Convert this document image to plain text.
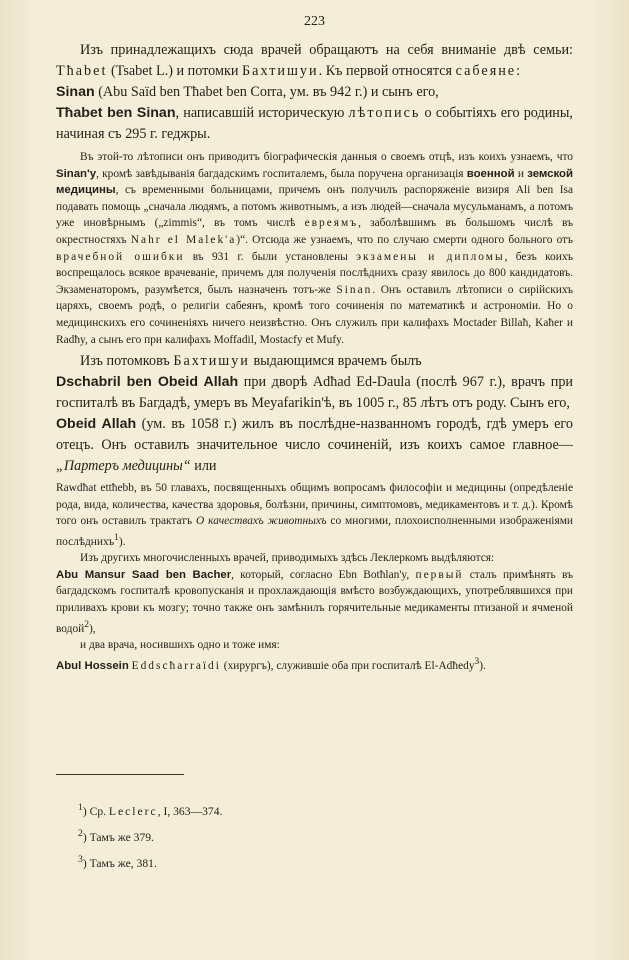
223

Изъ принадлежащихъ сюда врачей обращаютъ на себя вниманіе двѣ семьи: Tħabet (Tsabet L.) и потомки Бахтишуи. Къ первой относятся сабеяне:

Sinan (Abu Saïd ben Tħabet ben Corra, ум. въ 942 г.) и сынъ его,
Tħabet ben Sinan, написавшій историческую лѣтопись о событіяхъ его родины, начиная съ 295 г. геджры.

Въ этой-то лѣтописи онъ приводитъ біографическія данныя о своемъ отцѣ, изъ коихъ узнаемъ, что Sinan'y, кромѣ завѣдыванія багдадскимъ госпиталемъ, была поручена организація военной и земской медицины, съ временными больницами, причемъ онъ получилъ распоряженіе визиря Ali ben Isa подавать помощь „сначала людямъ, а потомъ животнымъ, а изъ людей—сначала мусульманамъ, а потомъ уже иновѣрнымъ („zimmis“, въ томъ числѣ евреямъ, заболѣвшимъ въ большомъ числѣ въ окрестностяхъ Nahr el Malek'a)“. Отсюда же узнаемъ, что по случаю смерти одного больного отъ врачебной ошибки въ 931 г. были установлены экзамены и дипломы, безъ коихъ воспрещалось всякое врачеваніе, причемъ для полученія послѣднихъ сразу явилось до 800 кандидатовъ. Экзаменаторомъ, разумѣется, былъ назначенъ тотъ-же Sinan. Онъ оставилъ лѣтописи о сирійскихъ царяхъ, своемъ родѣ, о религіи сабеянъ, кромѣ того сочиненія по математикѣ и астрономіи. Но о медицинскихъ его сочиненіяхъ ничего неизвѣстно. Онъ служилъ при калифахъ Moctader Billaħ, Kaħer и Radħy, а сынъ его при калифахъ Moffadil, Mostacfy et Mufy.

Изъ потомковъ Бахтишуи выдающимся врачемъ былъ

Dschabril ben Obeid Allah при дворѣ Adħad Ed-Daula (послѣ 967 г.), врачъ при госпиталѣ въ Багдадѣ, умеръ въ Meyafarikin'ѣ, въ 1005 г., 85 лѣтъ отъ роду. Сынъ его,

Obeid Allah (ум. въ 1058 г.) жилъ въ послѣдне-названномъ городѣ, гдѣ умеръ его отецъ. Онъ оставилъ значительное число сочиненій, изъ коихъ самое главное—„Партеръ медицины“ или

Rawdħat ettħebb, въ 50 главахъ, посвященныхъ общимъ вопросамъ философіи и медицины (опредѣленіе рода, вида, количества, качества здоровья, болѣзни, причины, симптомовъ, медикаментовъ и т. д.). Кромѣ того онъ оставилъ трактатъ О качествахъ животныхъ со многими, плохоисполненными изображеніями послѣднихъ$^1$).

Изъ другихъ многочисленныхъ врачей, приводимыхъ здѣсь Леклеркомъ выдѣляются:

Abu Mansur Saad ben Bacher, который, согласно Ebn Botħlan'y, первый сталъ примѣнять въ багдадскомъ госпиталѣ кровопусканія и прохлаждающія вмѣсто возбуждающихъ, употреблявшихся при приливахъ крови къ мозгу; точно также онъ замѣнилъ горячительные медикаменты птизаной и ячменой водой$^2$),

и два врача, носившихъ одно и тоже имя:

Abul Hossein Eddscħarraïdi (хирургъ), служившіе оба при госпиталѣ El-Adħedy$^3$).

$^1$) Ср. Leclerc, I, 363—374.
$^2$) Тамъ же 379.
$^3$) Тамъ же, 381.
